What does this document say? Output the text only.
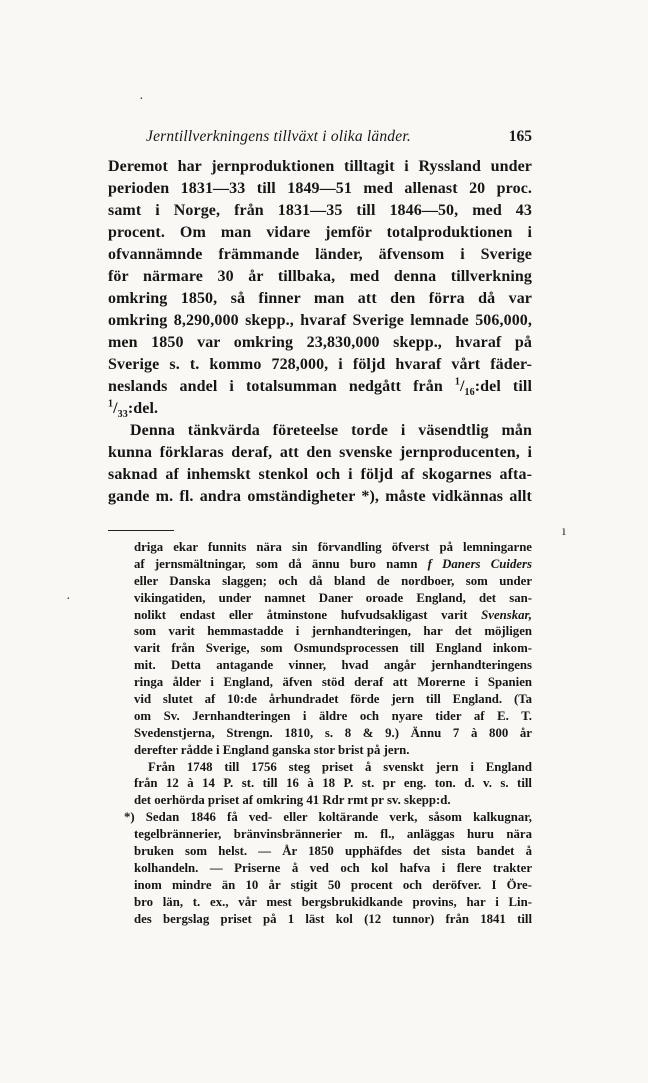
Jerntillverkningens tillväxt i olika länder.	165
Deremot har jernproduktionen tilltagit i Ryssland under
perioden 1831—33 till 1849—51 med allenast 20 proc.
samt i Norge, från 1831—35 till 1846—50, med 43
procent. Om man vidare jemför totalproduktionen i
ofvannämnde främmande länder, äfvensom i Sverige
för närmare 30 år tillbaka, med denna tillverkning
omkring 1850, så finner man att den förra då var
omkring 8,290,000 skepp., hvaraf Sverige lemnade 506,000,
men 1850 var omkring 23,830,000 skepp., hvaraf på
Sverige s. t. kommo 728,000, i följd hvaraf vårt fäder-
neslands andel i totalsumman nedgått från $^1/_{16}:del$ till
$^1/_{33}:del$.
Denna tänkvärda företeelse torde i väsendtlig mån
kunna förklaras deraf, att den svenske jernproducenten, i
saknad af inhemskt stenkol och i följd af skogarnes afta-
gande m. fl. andra omständigheter *), måste vidkännas allt
driga ekar funnits nära sin förvandling öfverst på lemningarne
af jernsmältningar, som då ännu buro namn f Daners Cuiders
eller Danska slaggen; och då bland de nordboer, som under
vikingatiden, under namnet Daner oroade England, det san-
nolikt endast eller åtminstone hufvudsakligast varit Svenskar,
som varit hemmastadde i jernhandteringen, har det möjligen
varit från Sverige, som Osmundsprocessen till England inkom-
mit. Detta antagande vinner, hvad angår jernhandteringens
ringa ålder i England, äfven stöd deraf att Morerne i Spanien
vid slutet af 10:de århundradet förde jern till England. (Ta
om Sv. Jernhandteringen i äldre och nyare tider af E. T.
Svedenstjerna, Strengn. 1810, s. 8 & 9.) Ännu 7 à 800 år
derefter rådde i England ganska stor brist på jern.
Från 1748 till 1756 steg priset å svenskt jern i England
från 12 à 14 P. st. till 16 à 18 P. st. pr eng. ton. d. v. s. till
det oerhörda priset af omkring 41 Rdr rmt pr sv. skepp:d.
*) Sedan 1846 få ved- eller koltärande verk, såsom kalkugnar,
tegelbrännerier, bränvinsbrännerier m. fl., anläggas huru nära
bruken som helst. — År 1850 upphäfdes det sista bandet å
kolhandeln. — Priserne å ved och kol hafva i flere trakter
inom mindre än 10 år stigit 50 procent och deröfver. I Öre-
bro län, t. ex., vår mest bergsbrukidkande provins, har i Lin-
des bergslag priset på 1 läst kol (12 tunnor) från 1841 till
·
ı
·
